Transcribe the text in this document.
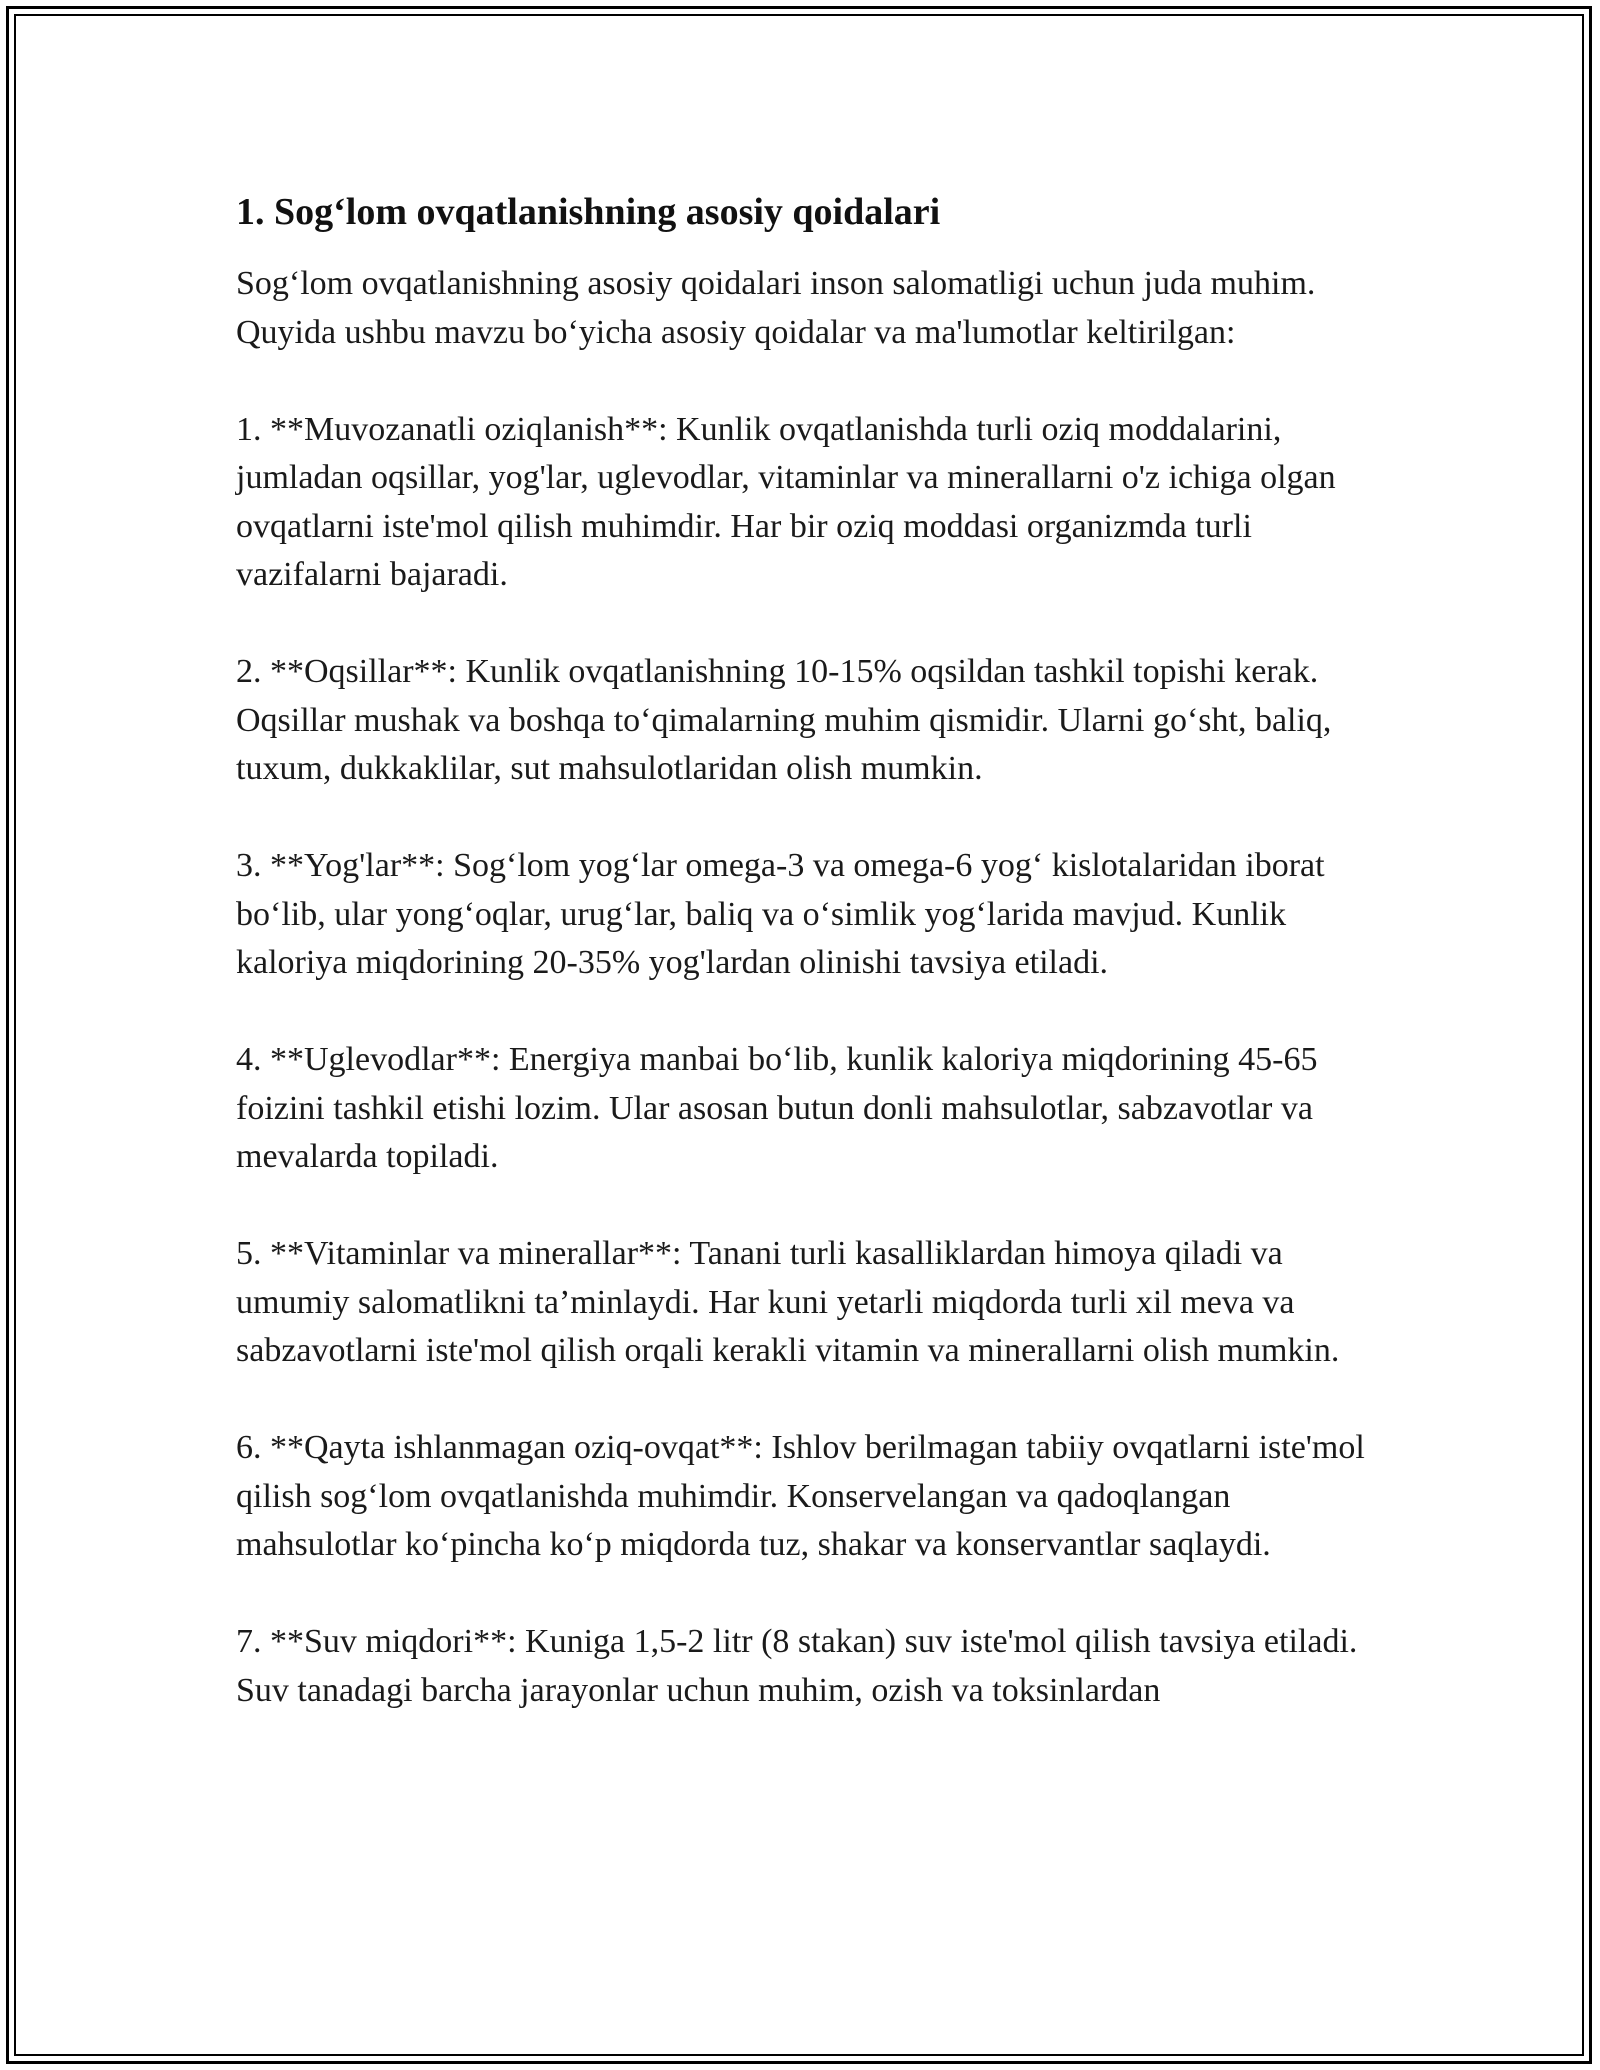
1. Sog‘lom ovqatlanishning asosiy qoidalari

Sog‘lom ovqatlanishning asosiy qoidalari inson salomatligi uchun juda muhim. Quyida ushbu mavzu bo‘yicha asosiy qoidalar va ma'lumotlar keltirilgan:

1. **Muvozanatli oziqlanish**: Kunlik ovqatlanishda turli oziq moddalarini, jumladan oqsillar, yog'lar, uglevodlar, vitaminlar va minerallarni o'z ichiga olgan ovqatlarni iste'mol qilish muhimdir. Har bir oziq moddasi organizmda turli vazifalarni bajaradi.

2. **Oqsillar**: Kunlik ovqatlanishning 10-15% oqsildan tashkil topishi kerak. Oqsillar mushak va boshqa to‘qimalarning muhim qismidir. Ularni go‘sht, baliq, tuxum, dukkaklilar, sut mahsulotlaridan olish mumkin.

3. **Yog'lar**: Sog‘lom yog‘lar omega-3 va omega-6 yog‘ kislotalaridan iborat bo‘lib, ular yong‘oqlar, urug‘lar, baliq va o‘simlik yog‘larida mavjud. Kunlik kaloriya miqdorining 20-35% yog'lardan olinishi tavsiya etiladi.

4. **Uglevodlar**: Energiya manbai bo‘lib, kunlik kaloriya miqdorining 45-65 foizini tashkil etishi lozim. Ular asosan butun donli mahsulotlar, sabzavotlar va mevalarda topiladi.

5. **Vitaminlar va minerallar**: Tanani turli kasalliklardan himoya qiladi va umumiy salomatlikni ta’minlaydi. Har kuni yetarli miqdorda turli xil meva va sabzavotlarni iste'mol qilish orqali kerakli vitamin va minerallarni olish mumkin.

6. **Qayta ishlanmagan oziq-ovqat**: Ishlov berilmagan tabiiy ovqatlarni iste'mol qilish sog‘lom ovqatlanishda muhimdir. Konservelangan va qadoqlangan mahsulotlar ko‘pincha ko‘p miqdorda tuz, shakar va konservantlar saqlaydi.

7. **Suv miqdori**: Kuniga 1,5-2 litr (8 stakan) suv iste'mol qilish tavsiya etiladi. Suv tanadagi barcha jarayonlar uchun muhim, ozish va toksinlardan
